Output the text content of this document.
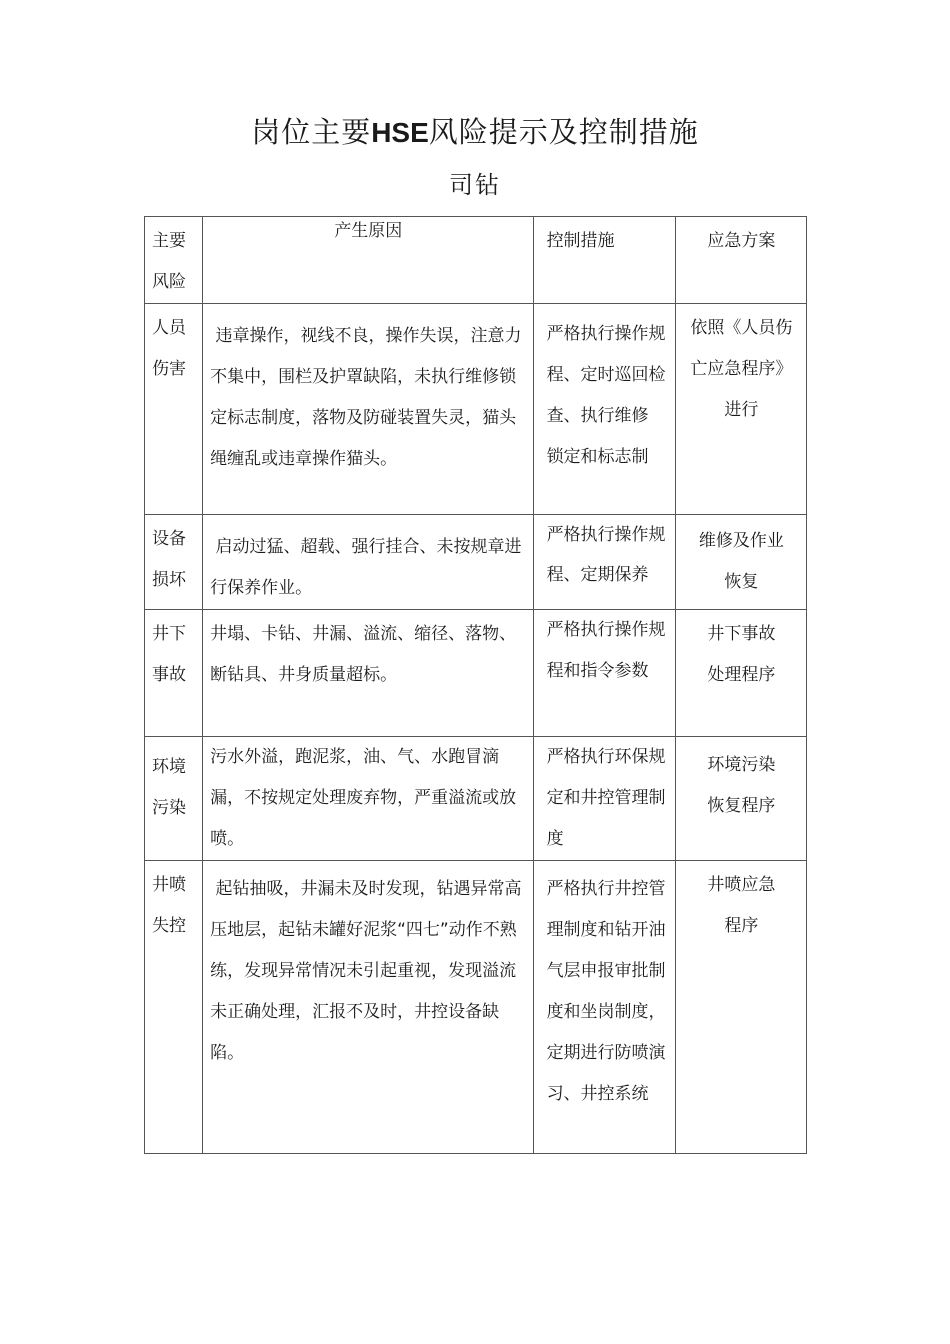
岗位主要HSE风险提示及控制措施
司钻
主要
风险	产生原因	控制措施	应急方案

人员
伤害	违章操作，视线不良，操作失误，注意力不集中，围栏及护罩缺陷，未执行维修锁定标志制度，落物及防碰装置失灵，猫头绳缠乱或违章操作猫头。	严格执行操作规程、定时巡回检查、执行维修
锁定和标志制	依照《人员伤亡应急程序》进行

设备
损坏	启动过猛、超载、强行挂合、未按规章进行保养作业。	严格执行操作规程、定期保养	维修及作业
恢复

井下
事故	井塌、卡钻、井漏、溢流、缩径、落物、断钻具、井身质量超标。	严格执行操作规程和指令参数	井下事故
处理程序

环境
污染	污水外溢，跑泥浆，油、气、水跑冒滴漏，不按规定处理废弃物，严重溢流或放喷。	严格执行环保规定和井控管理制度	环境污染
恢复程序

井喷
失控	起钻抽吸，井漏未及时发现，钻遇异常高压地层，起钻未罐好泥浆“四七”动作不熟练，发现异常情况未引起重视，发现溢流未正确处理，汇报不及时，井控设备缺陷。	严格执行井控管理制度和钻开油气层申报审批制度和坐岗制度，定期进行防喷演习、井控系统	井喷应急
程序
